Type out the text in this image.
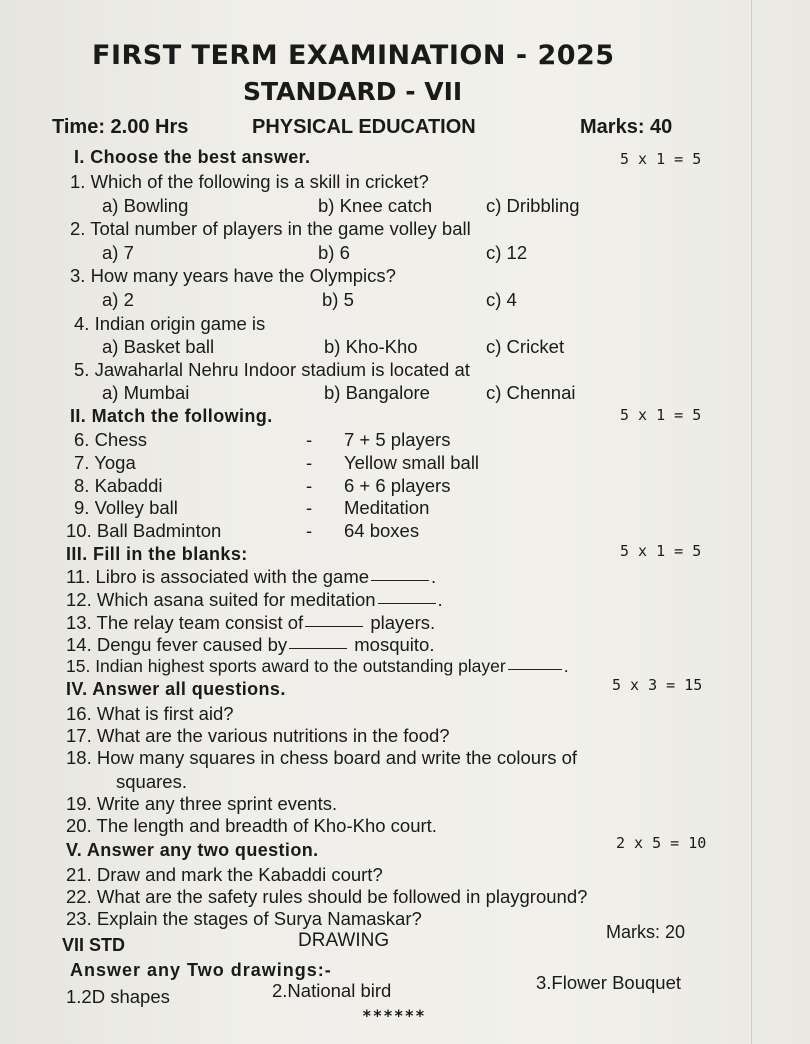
FIRST TERM EXAMINATION - 2025
STANDARD - VII
Time: 2.00 Hrs	PHYSICAL EDUCATION	Marks: 40
I. Choose the best answer.	5 x 1 = 5
1. Which of the following is a skill in cricket?
a) Bowling	b) Knee catch	c) Dribbling
2. Total number of players in the game volley ball
a) 7	b) 6	c) 12
3. How many years have the Olympics?
a) 2	b) 5	c) 4
4. Indian origin game is
a) Basket ball	b) Kho-Kho	c) Cricket
5. Jawaharlal Nehru Indoor stadium is located at
a) Mumbai	b) Bangalore	c) Chennai
II. Match the following.	5 x 1 = 5
6. Chess	- 7 + 5 players
7. Yoga	- Yellow small ball
8. Kabaddi	- 6 + 6 players
9. Volley ball	- Meditation
10. Ball Badminton	- 64 boxes
III. Fill in the blanks:	5 x 1 = 5
11. Libro is associated with the game	.
12. Which asana suited for meditation	.
13. The relay team consist of	players.
14. Dengu fever caused by	mosquito.
15. Indian highest sports award to the outstanding player	.
IV. Answer all questions.	5 x 3 = 15
16. What is first aid?
17. What are the various nutritions in the food?
18. How many squares in chess board and write the colours of
squares.
19. Write any three sprint events.
20. The length and breadth of Kho-Kho court.
V. Answer any two question.	2 x 5 = 10
21. Draw and mark the Kabaddi court?
22. What are the safety rules should be followed in playground?
23. Explain the stages of Surya Namaskar?
VII STD	DRAWING	Marks: 20
Answer any Two drawings:-
1.2D shapes	2.National bird	3.Flower Bouquet
******
